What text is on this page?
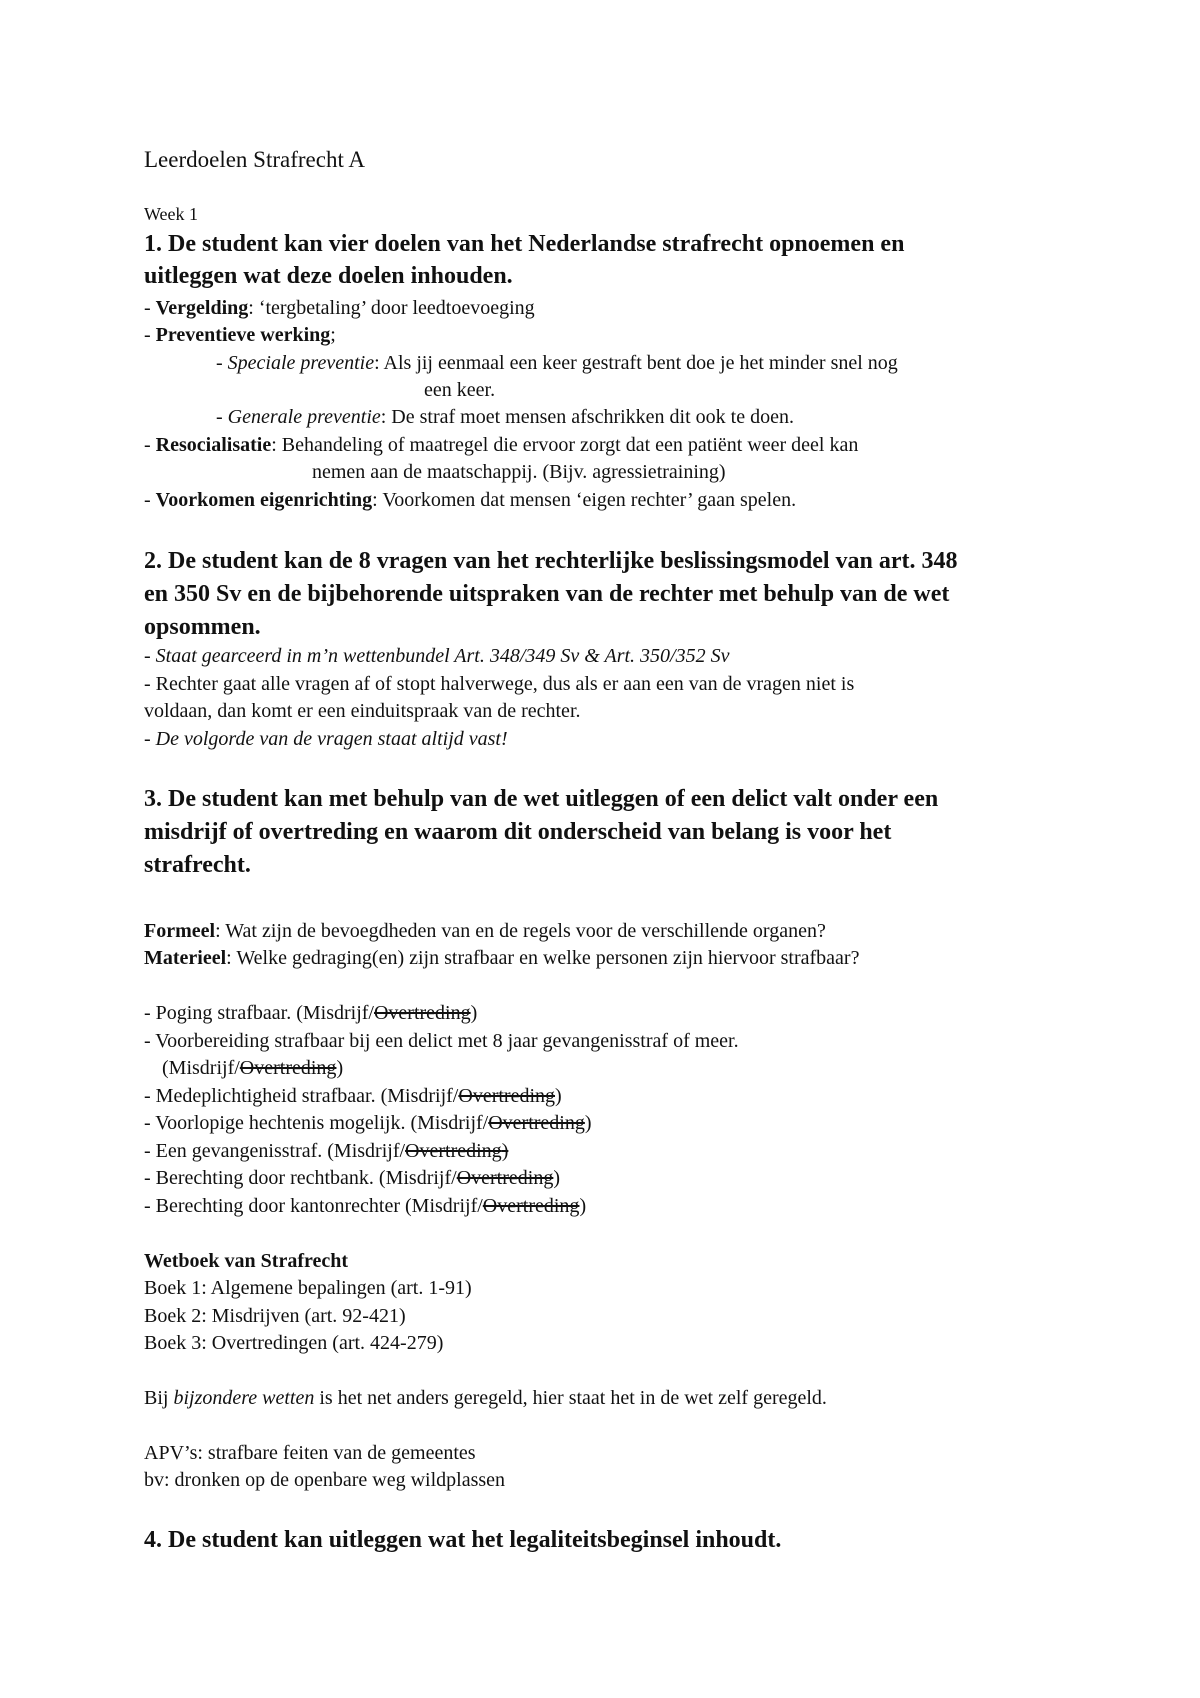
Leerdoelen Strafrecht A
Week 1
1. De student kan vier doelen van het Nederlandse strafrecht opnoemen en
uitleggen wat deze doelen inhouden.
- Vergelding: ‘tergbetaling’ door leedtoevoeging
- Preventieve werking;
- Speciale preventie: Als jij eenmaal een keer gestraft bent doe je het minder snel nog
een keer.
- Generale preventie: De straf moet mensen afschrikken dit ook te doen.
- Resocialisatie: Behandeling of maatregel die ervoor zorgt dat een patiënt weer deel kan
nemen aan de maatschappij. (Bijv. agressietraining)
- Voorkomen eigenrichting: Voorkomen dat mensen ‘eigen rechter’ gaan spelen.
2. De student kan de 8 vragen van het rechterlijke beslissingsmodel van art. 348
en 350 Sv en de bijbehorende uitspraken van de rechter met behulp van de wet
opsommen.
- Staat gearceerd in m’n wettenbundel Art. 348/349 Sv & Art. 350/352 Sv
- Rechter gaat alle vragen af of stopt halverwege, dus als er aan een van de vragen niet is
voldaan, dan komt er een einduitspraak van de rechter.
- De volgorde van de vragen staat altijd vast!
3. De student kan met behulp van de wet uitleggen of een delict valt onder een
misdrijf of overtreding en waarom dit onderscheid van belang is voor het
strafrecht.
Formeel: Wat zijn de bevoegdheden van en de regels voor de verschillende organen?
Materieel: Welke gedraging(en) zijn strafbaar en welke personen zijn hiervoor strafbaar?
- Poging strafbaar. (Misdrijf/Overtreding)
- Voorbereiding strafbaar bij een delict met 8 jaar gevangenisstraf of meer.
(Misdrijf/Overtreding)
- Medeplichtigheid strafbaar. (Misdrijf/Overtreding)
- Voorlopige hechtenis mogelijk. (Misdrijf/Overtreding)
- Een gevangenisstraf. (Misdrijf/Overtreding)
- Berechting door rechtbank. (Misdrijf/Overtreding)
- Berechting door kantonrechter (Misdrijf/Overtreding)
Wetboek van Strafrecht
Boek 1: Algemene bepalingen (art. 1-91)
Boek 2: Misdrijven (art. 92-421)
Boek 3: Overtredingen (art. 424-279)
Bij bijzondere wetten is het net anders geregeld, hier staat het in de wet zelf geregeld.
APV’s: strafbare feiten van de gemeentes
bv: dronken op de openbare weg wildplassen
4. De student kan uitleggen wat het legaliteitsbeginsel inhoudt.
